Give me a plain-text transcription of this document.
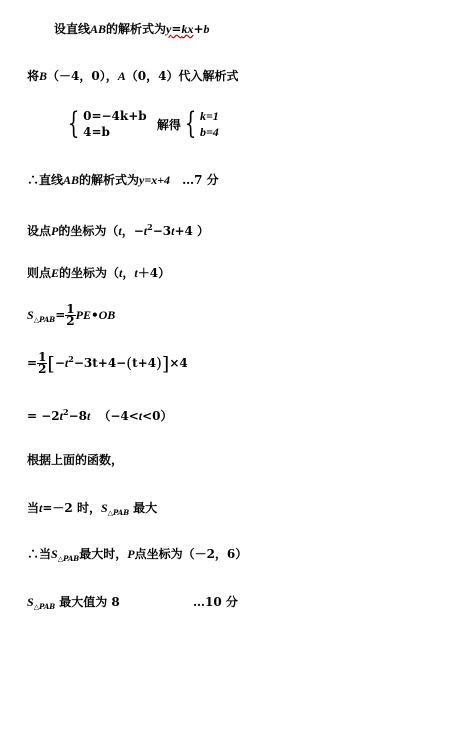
设直线AB的解析式为y=kx+b
将B（－4，0），A（0，4）代入解析式
{ 0=−4k+b
4=b
解得 { k=1
b=4
∴直线AB的解析式为y=x+4 …7 分
设点P的坐标为（t，$-t^2-3t+4$ ）
则点E的坐标为（t，t＋4）
$S_{\triangle PAB}= \frac{1}{2}$ PE•OB
= $\frac{1}{2} [-t^2-3t+4-(t+4)]\times 4$
= $-2t^2-8t$ （−4<t<0）
根据上面的函数，
当t=－2 时，$S_{\triangle PAB}$ 最大
∴当$S_{\triangle PAB}$最大时，P点坐标为（－2，6）
$S_{\triangle PAB}$ 最大值为 8	…10 分
